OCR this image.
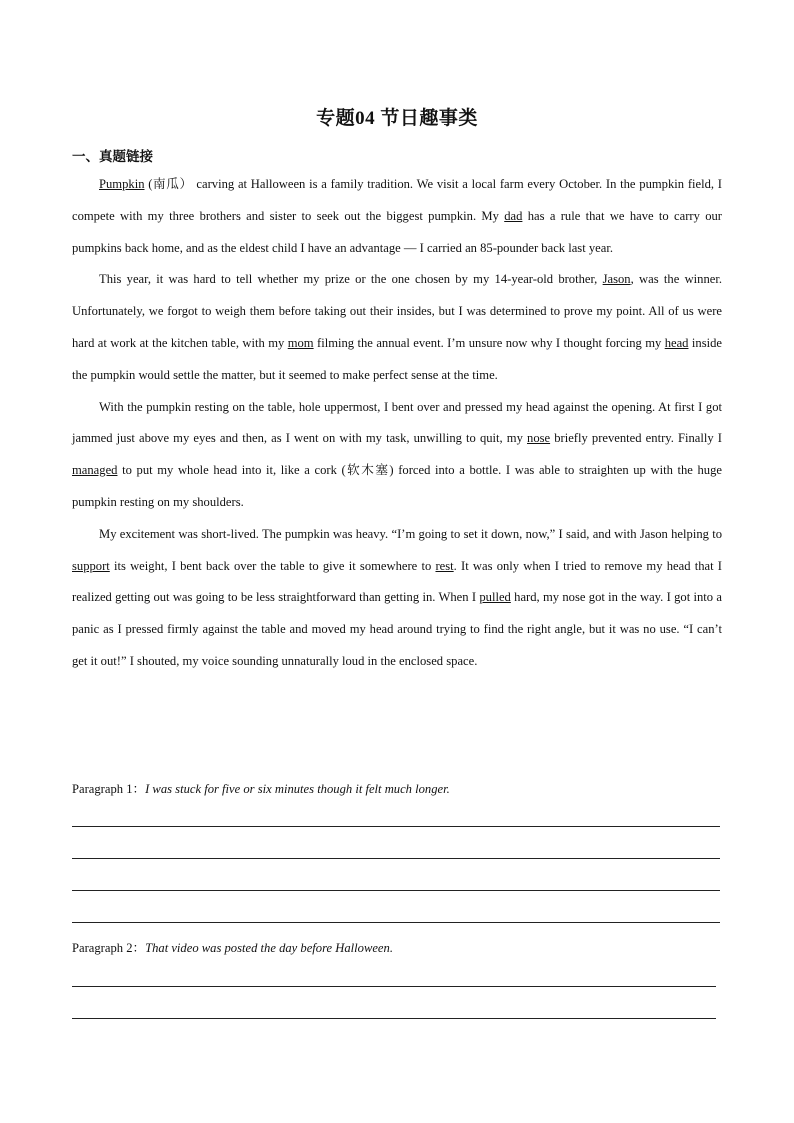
专题04 节日趣事类
一、真题链接

Pumpkin (南瓜） carving at Halloween is a family tradition. We visit a local farm every October. In the pumpkin field, I compete with my three brothers and sister to seek out the biggest pumpkin. My dad has a rule that we have to carry our pumpkins back home, and as the eldest child I have an advantage — I carried an 85-pounder back last year.

This year, it was hard to tell whether my prize or the one chosen by my 14-year-old brother, Jason, was the winner. Unfortunately, we forgot to weigh them before taking out their insides, but I was determined to prove my point. All of us were hard at work at the kitchen table, with my mom filming the annual event. I’m unsure now why I thought forcing my head inside the pumpkin would settle the matter, but it seemed to make perfect sense at the time.

With the pumpkin resting on the table, hole uppermost, I bent over and pressed my head against the opening. At first I got jammed just above my eyes and then, as I went on with my task, unwilling to quit, my nose briefly prevented entry. Finally I managed to put my whole head into it, like a cork (软木塞) forced into a bottle. I was able to straighten up with the huge pumpkin resting on my shoulders.

My excitement was short-lived. The pumpkin was heavy. “I’m going to set it down, now,” I said, and with Jason helping to support its weight, I bent back over the table to give it somewhere to rest. It was only when I tried to remove my head that I realized getting out was going to be less straightforward than getting in. When I pulled hard, my nose got in the way. I got into a panic as I pressed firmly against the table and moved my head around trying to find the right angle, but it was no use. “I can’t get it out!” I shouted, my voice sounding unnaturally loud in the enclosed space.

Paragraph 1：I was stuck for five or six minutes though it felt much longer.
Paragraph 2：That video was posted the day before Halloween.
